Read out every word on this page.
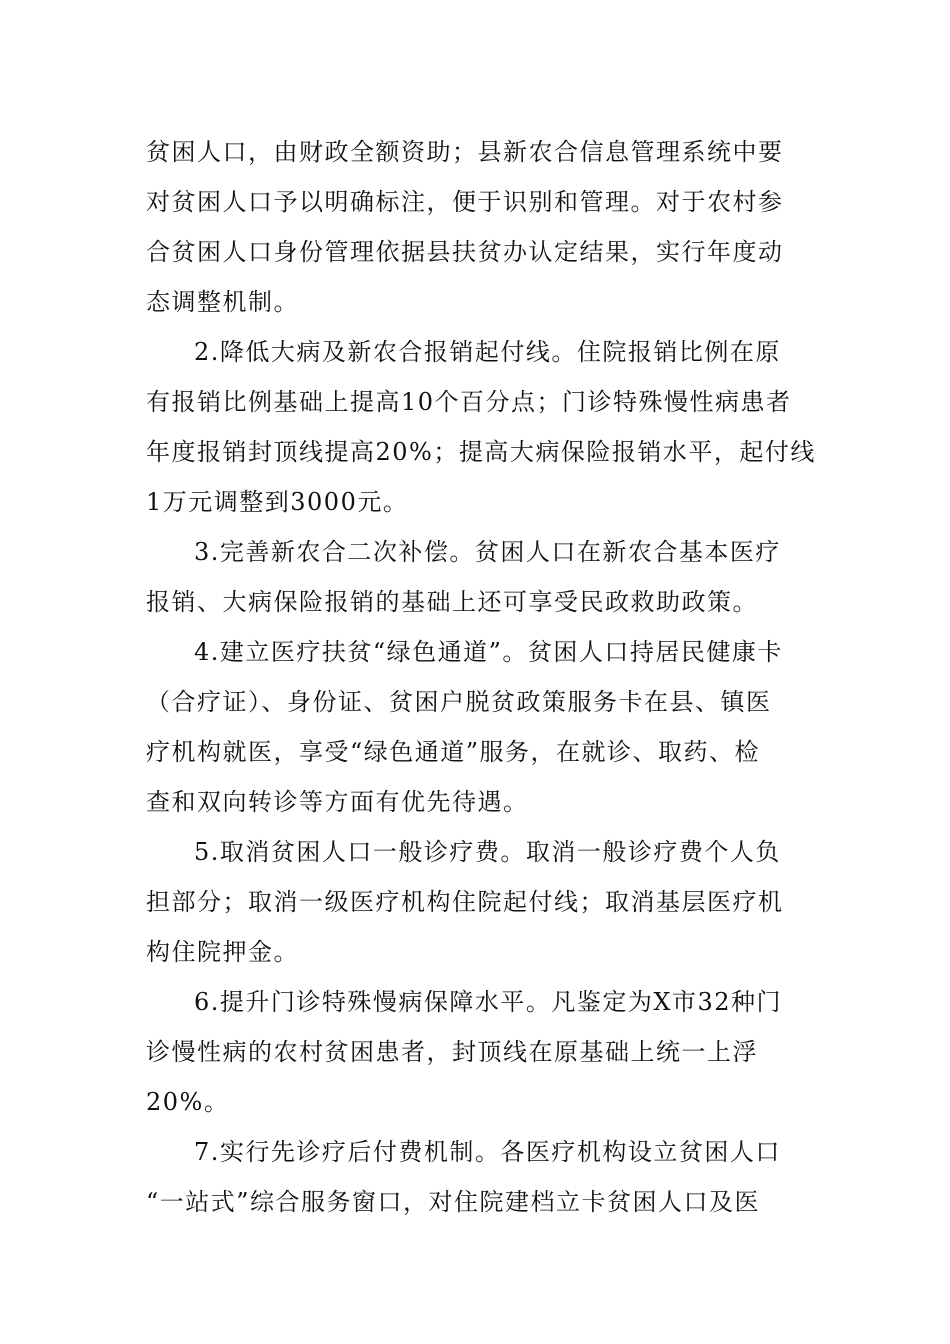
贫困人口，由财政全额资助；县新农合信息管理系统中要
对贫困人口予以明确标注，便于识别和管理。对于农村参
合贫困人口身份管理依据县扶贫办认定结果，实行年度动
态调整机制。
2.降低大病及新农合报销起付线。住院报销比例在原
有报销比例基础上提高10个百分点；门诊特殊慢性病患者
年度报销封顶线提高20%；提高大病保险报销水平，起付线
1万元调整到3000元。
3.完善新农合二次补偿。贫困人口在新农合基本医疗
报销、大病保险报销的基础上还可享受民政救助政策。
4.建立医疗扶贫“绿色通道”。贫困人口持居民健康卡
（合疗证）、身份证、贫困户脱贫政策服务卡在县、镇医
疗机构就医，享受“绿色通道”服务，在就诊、取药、检
查和双向转诊等方面有优先待遇。
5.取消贫困人口一般诊疗费。取消一般诊疗费个人负
担部分；取消一级医疗机构住院起付线；取消基层医疗机
构住院押金。
6.提升门诊特殊慢病保障水平。凡鉴定为X市32种门
诊慢性病的农村贫困患者，封顶线在原基础上统一上浮
20%。
7.实行先诊疗后付费机制。各医疗机构设立贫困人口
“一站式”综合服务窗口，对住院建档立卡贫困人口及医
